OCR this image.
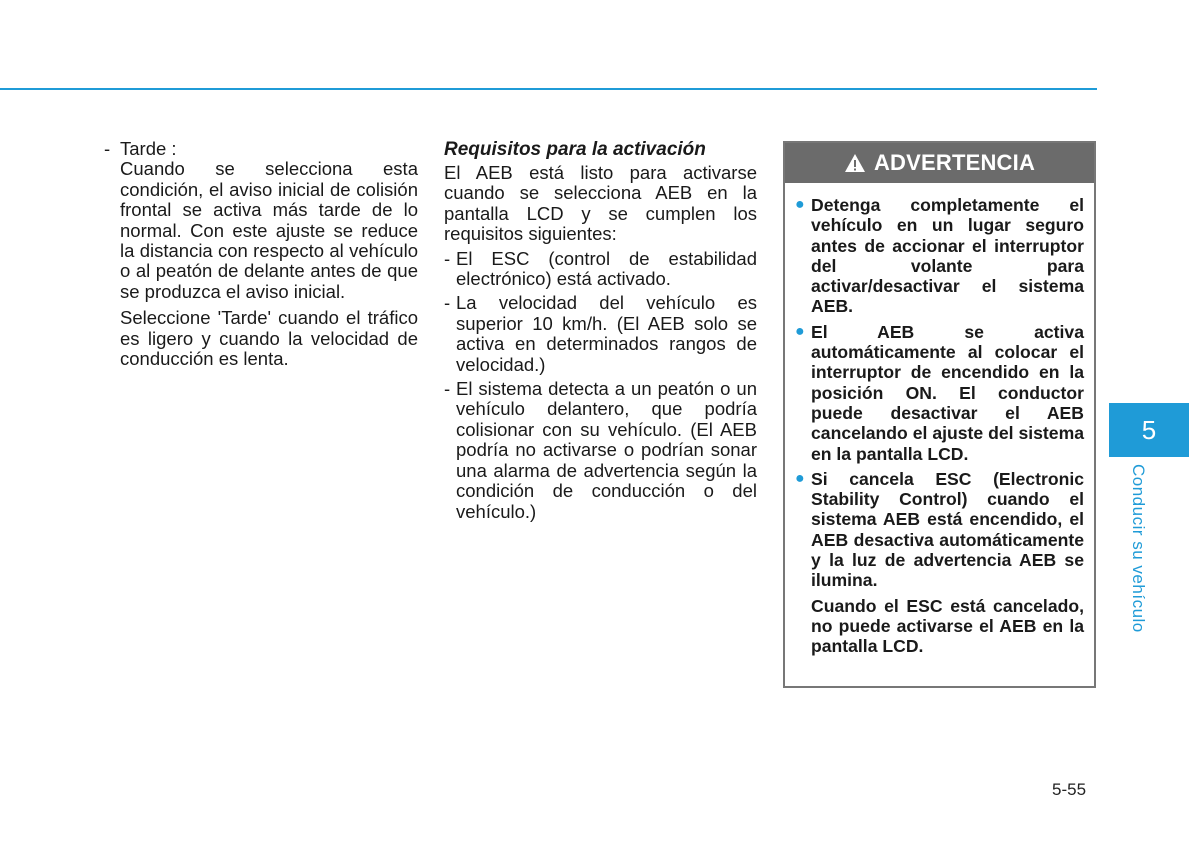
- Tarde :
Cuando se selecciona esta condición, el aviso inicial de colisión frontal se activa más tarde de lo normal. Con este ajuste se reduce la distancia con respecto al vehículo o al peatón de delante antes de que se produzca el aviso inicial.
Seleccione 'Tarde' cuando el tráfico es ligero y cuando la velocidad de conducción es lenta.
Requisitos para la activación
El AEB está listo para activarse cuando se selecciona AEB en la pantalla LCD y se cumplen los requisitos siguientes:
- El ESC (control de estabilidad electrónico) está activado.
- La velocidad del vehículo es superior 10 km/h. (El AEB solo se activa en determinados rangos de velocidad.)
- El sistema detecta a un peatón o un vehículo delantero, que podría colisionar con su vehículo. (El AEB podría no activarse o podrían sonar una alarma de advertencia según la condición de conducción o del vehículo.)
ADVERTENCIA
● Detenga completamente el vehículo en un lugar seguro antes de accionar el interruptor del volante para activar/desactivar el sistema AEB.
● El AEB se activa automáticamente al colocar el interruptor de encendido en la posición ON. El conductor puede desactivar el AEB cancelando el ajuste del sistema en la pantalla LCD.
● Si cancela ESC (Electronic Stability Control) cuando el sistema AEB está encendido, el AEB desactiva automáticamente y la luz de advertencia AEB se ilumina.
Cuando el ESC está cancelado, no puede activarse el AEB en la pantalla LCD.
5
Conducir su vehículo
5-55
